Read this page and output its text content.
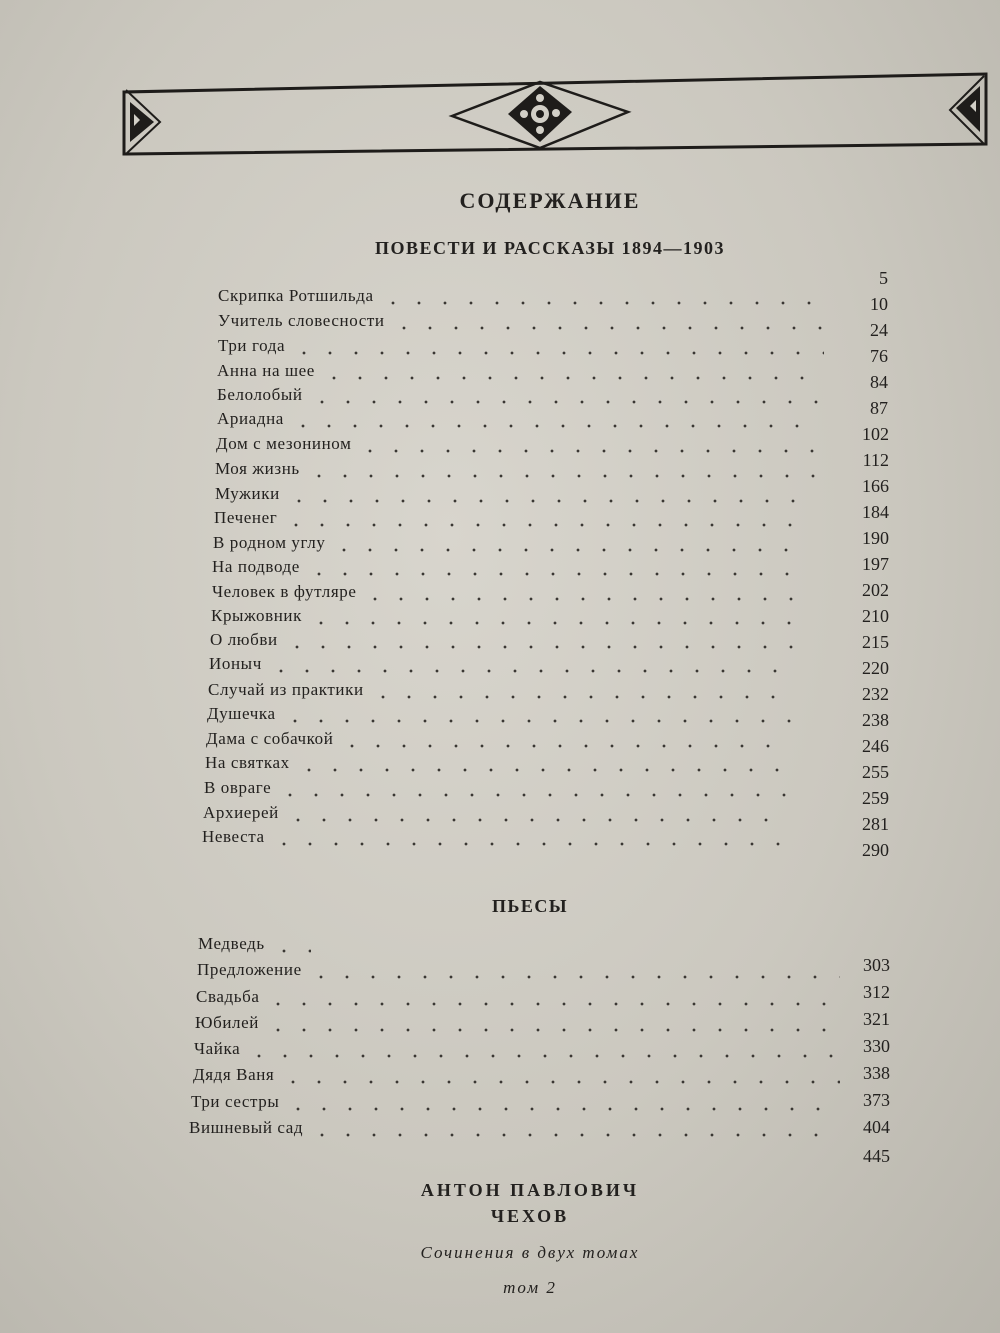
СОДЕРЖАНИЕ
ПОВЕСТИ И РАССКАЗЫ 1894—1903
Скрипка Ротшильда
Учитель словесности
Три года
Анна на шее
Белолобый
Ариадна
Дом с мезонином
Моя жизнь
Мужики
Печенег
В родном углу
На подводе
Человек в футляре
Крыжовник
О любви
Ионыч
Случай из практики
Душечка
Дама с собачкой
На святках
В овраге
Архиерей
Невеста
5
10
24
76
84
87
102
112
166
184
190
197
202
210
215
220
232
238
246
255
259
281
290
ПЬЕСЫ
Медведь
Предложение
Свадьба
Юбилей
Чайка
Дядя Ваня
Три сестры
Вишневый сад
303
312
321
330
338
373
404
445
АНТОН ПАВЛОВИЧ
ЧЕХОВ
Сочинения в двух томах
том 2
